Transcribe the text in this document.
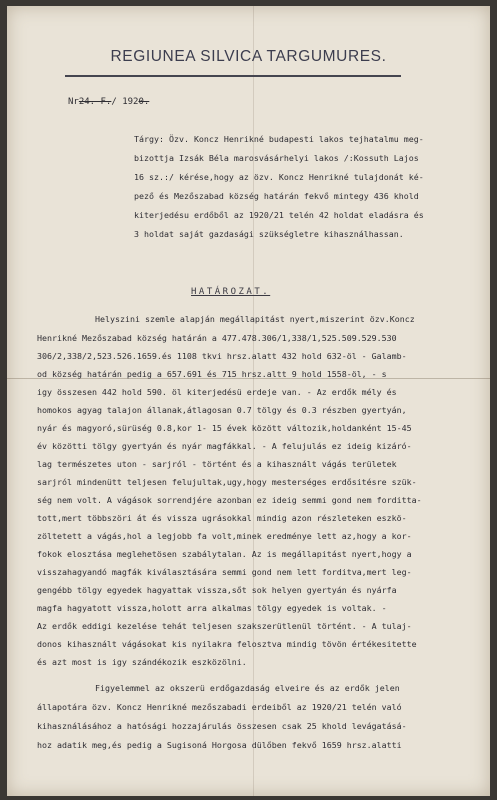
REGIUNEA SILVICA TARGUMURES.
Nr24. F./ 1920.
Tárgy: Özv. Koncz Henrikné budapesti lakos tejhatalmu meg-
bizottja Izsák Béla marosvásárhelyi lakos /:Kossuth Lajos
16 sz.:/ kérése,hogy az özv. Koncz Henrikné tulajdonát ké-
pező és Mezőszabad község határán fekvő mintegy 436 khold
kiterjedésu erdőből az 1920/21 telén 42 holdat eladásra és
3 holdat saját gazdasági szükségletre kihasználhassan.
HATÁROZAT.
Helyszini szemle alapján megállapitást nyert,miszerint özv.Koncz
Henrikné Mezőszabad község határán a 477.478.306/1,338/1,525.509.529.530
306/2,338/2,523.526.1659.és 1108 tkvi hrsz.alatt 432 hold 632-öl - Galamb-
od község határán pedig a 657.691 és 715 hrsz.altt 9 hold 1558-öl, - s
igy összesen 442 hold 590. öl kiterjedésü erdeje van. - Az erdők mély és
homokos agyag talajon állanak,átlagosan 0.7 tölgy és 0.3 részben gyertyán,
nyár és magyoró,sürüség 0.8,kor 1- 15 évek között változik,holdanként 15-45
év közötti tölgy gyertyán és nyár magfákkal. - A felujulás ez ideig kizáró-
lag természetes uton - sarjról - történt és a kihasznált vágás területek
sarjról mindenütt teljesen felujultak,ugy,hogy mesterséges erdősitésre szük-
ség nem volt. A vágások sorrendjére azonban ez ideig semmi gond nem forditta-
tott,mert többszöri át és vissza ugrásokkal mindig azon részleteken eszkö-
zöltetett a vágás,hol a legjobb fa volt,minek eredménye lett az,hogy a kor-
fokok elosztása meglehetösen szabálytalan. Az is megállapitást nyert,hogy a
visszahagyandó magfák kiválasztására semmi gond nem lett forditva,mert leg-
gengébb tölgy egyedek hagyattak vissza,sőt sok helyen gyertyán és nyárfa
magfa hagyatott vissza,holott arra alkalmas tölgy egyedek is voltak. -
Az erdők eddigi kezelése tehát teljesen szakszerütlenül történt. - A tulaj-
donos kihasznált vágásokat kis nyilakra felosztva mindig tövön értékesitette
és azt most is igy szándékozik eszközölni.
Figyelemmel az okszerü erdőgazdaság elveire és az erdők jelen
állapotára özv. Koncz Henrikné mezőszabadi erdeiből az 1920/21 telén való
kihasználásához a hatósági hozzajárulás összesen csak 25 khold levágatásá-
hoz adatik meg,és pedig a Sugisoná Horgosa dülőben fekvő 1659 hrsz.alatti
